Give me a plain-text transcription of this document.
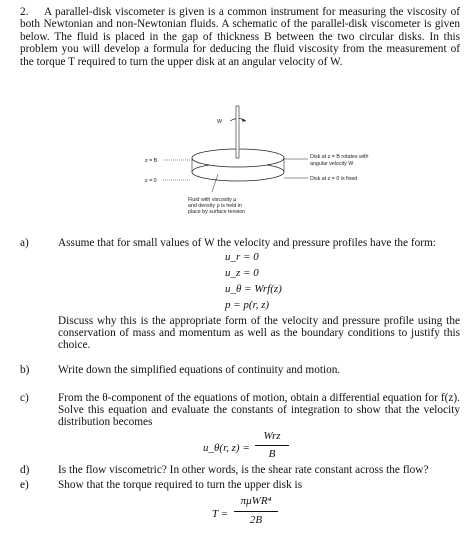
2. A parallel-disk viscometer is given is a common instrument for measuring the viscosity of both Newtonian and non-Newtonian fluids. A schematic of the parallel-disk viscometer is given below. The fluid is placed in the gap of thickness B between the two circular disks. In this problem you will develop a formula for deducing the fluid viscosity from the measurement of the torque T required to turn the upper disk at an angular velocity of W.
W
z = B
z = 0
Disk at z = B rotates with
angular velocity W
Disk at z = 0 is fixed
Fluid with viscosity μ
and density ρ is held in
place by surface tension
a)	Assume that for small values of W the velocity and pressure profiles have the form:
u_r = 0
u_z = 0
u_θ = Wrf(z)
p = p(r, z)
Discuss why this is the appropriate form of the velocity and pressure profile using the conservation of mass and momentum as well as the boundary conditions to justify this choice.
b)	Write down the simplified equations of continuity and motion.
c)	From the θ-component of the equations of motion, obtain a differential equation for f(z). Solve this equation and evaluate the constants of integration to show that the velocity distribution becomes
u_θ(r, z) =
Wrz
B
d)	Is the flow viscometric? In other words, is the shear rate constant across the flow?
e)	Show that the torque required to turn the upper disk is
T =
πμWR⁴
2B
